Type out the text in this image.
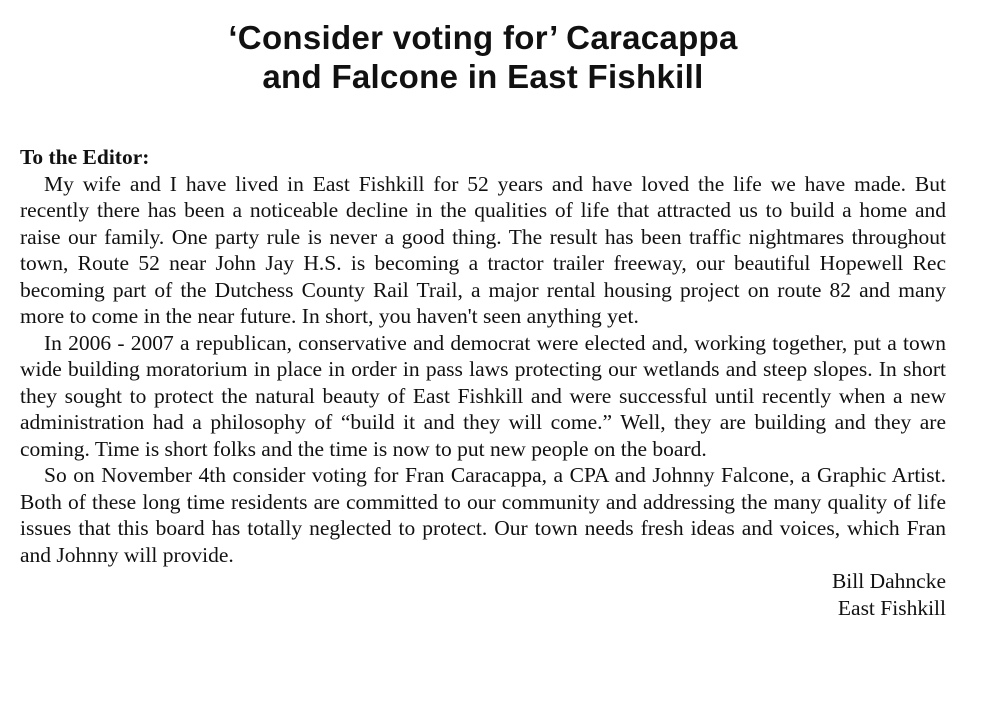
‘Consider voting for’ Caracappa
and Falcone in East Fishkill
To the Editor:

My wife and I have lived in East Fishkill for 52 years and have loved the life we have made. But recently there has been a noticeable decline in the qualities of life that attracted us to build a home and raise our family. One party rule is never a good thing. The result has been traffic nightmares throughout town, Route 52 near John Jay H.S. is becoming a tractor trailer freeway, our beautiful Hopewell Rec becoming part of the Dutchess County Rail Trail, a major rental housing project on route 82 and many more to come in the near future. In short, you haven't seen anything yet.

In 2006 - 2007 a republican, conservative and democrat were elected and, working together, put a town wide building moratorium in place in order in pass laws protecting our wetlands and steep slopes. In short they sought to protect the natural beauty of East Fishkill and were successful until recently when a new administration had a philosophy of “build it and they will come.” Well, they are building and they are coming. Time is short folks and the time is now to put new people on the board.

So on November 4th consider voting for Fran Caracappa, a CPA and Johnny Falcone, a Graphic Artist. Both of these long time residents are committed to our community and addressing the many quality of life issues that this board has totally neglected to protect. Our town needs fresh ideas and voices, which Fran and Johnny will provide.

Bill Dahncke
East Fishkill
